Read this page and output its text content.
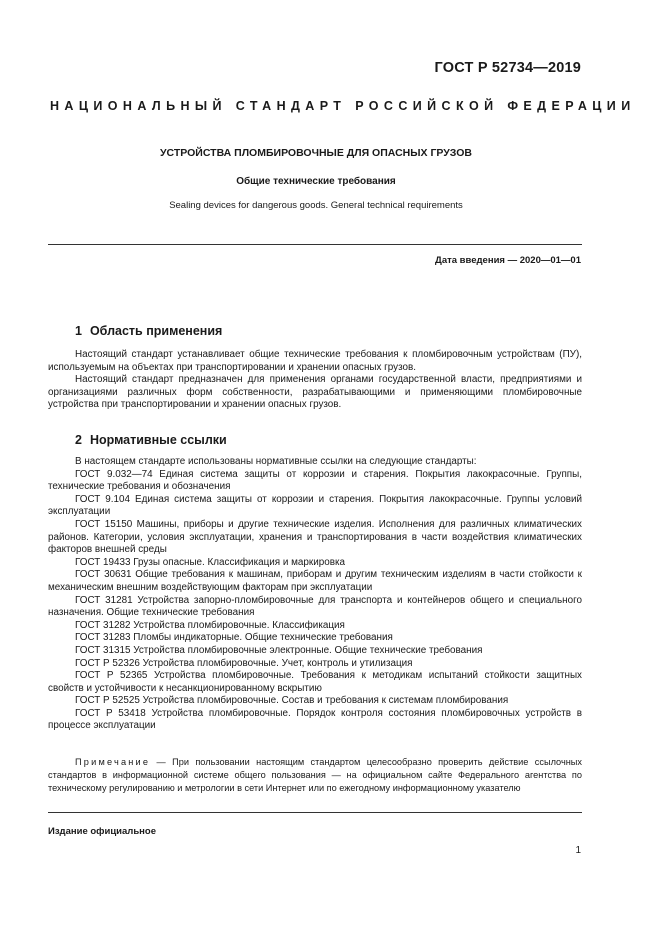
ГОСТ Р 52734—2019
НАЦИОНАЛЬНЫЙ СТАНДАРТ РОССИЙСКОЙ ФЕДЕРАЦИИ
УСТРОЙСТВА ПЛОМБИРОВОЧНЫЕ ДЛЯ ОПАСНЫХ ГРУЗОВ
Общие технические требования
Sealing devices for dangerous goods. General technical requirements
Дата введения — 2020—01—01
1 Область применения

Настоящий стандарт устанавливает общие технические требования к пломбировочным устройствам (ПУ), используемым на объектах при транспортировании и хранении опасных грузов.

Настоящий стандарт предназначен для применения органами государственной власти, предприятиями и организациями различных форм собственности, разрабатывающими и применяющими пломбировочные устройства при транспортировании и хранении опасных грузов.

2 Нормативные ссылки

В настоящем стандарте использованы нормативные ссылки на следующие стандарты:

ГОСТ 9.032—74 Единая система защиты от коррозии и старения. Покрытия лакокрасочные. Группы, технические требования и обозначения

ГОСТ 9.104 Единая система защиты от коррозии и старения. Покрытия лакокрасочные. Группы условий эксплуатации

ГОСТ 15150 Машины, приборы и другие технические изделия. Исполнения для различных климатических районов. Категории, условия эксплуатации, хранения и транспортирования в части воздействия климатических факторов внешней среды

ГОСТ 19433 Грузы опасные. Классификация и маркировка

ГОСТ 30631 Общие требования к машинам, приборам и другим техническим изделиям в части стойкости к механическим внешним воздействующим факторам при эксплуатации

ГОСТ 31281 Устройства запорно-пломбировочные для транспорта и контейнеров общего и специального назначения. Общие технические требования

ГОСТ 31282 Устройства пломбировочные. Классификация

ГОСТ 31283 Пломбы индикаторные. Общие технические требования

ГОСТ 31315 Устройства пломбировочные электронные. Общие технические требования

ГОСТ Р 52326 Устройства пломбировочные. Учет, контроль и утилизация

ГОСТ Р 52365 Устройства пломбировочные. Требования к методикам испытаний стойкости защитных свойств и устойчивости к несанкционированному вскрытию

ГОСТ Р 52525 Устройства пломбировочные. Состав и требования к системам пломбирования

ГОСТ Р 53418 Устройства пломбировочные. Порядок контроля состояния пломбировочных устройств в процессе эксплуатации

Примечание — При пользовании настоящим стандартом целесообразно проверить действие ссылочных стандартов в информационной системе общего пользования — на официальном сайте Федерального агентства по техническому регулированию и метрологии в сети Интернет или по ежегодному информационному указателю

Издание официальное
1
